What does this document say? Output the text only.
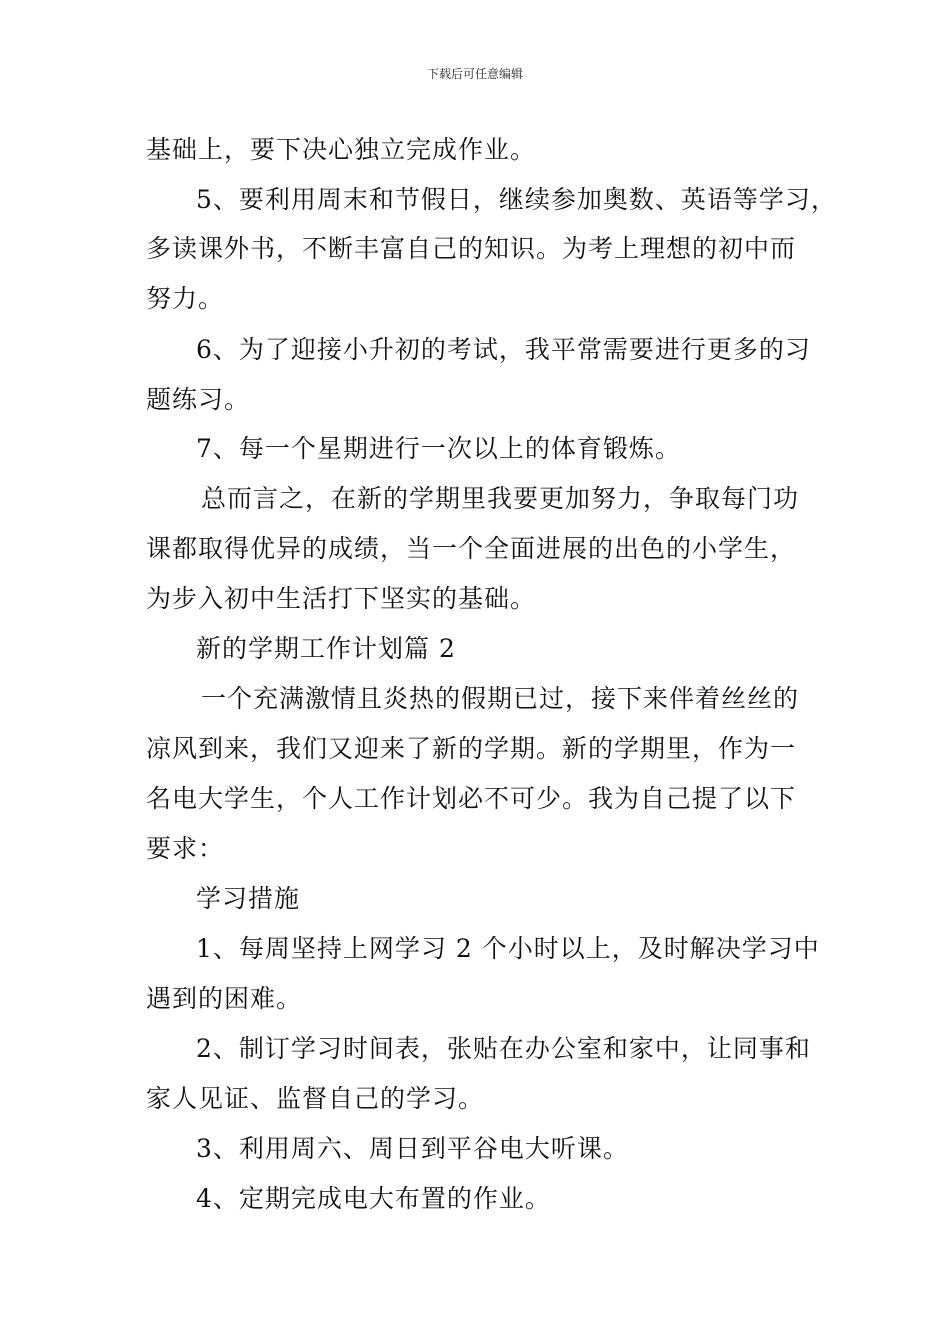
下载后可任意编辑
基础上，要下决心独立完成作业。
5、要利用周末和节假日，继续参加奥数、英语等学习，
多读课外书，不断丰富自己的知识。为考上理想的初中而
努力。
6、为了迎接小升初的考试，我平常需要进行更多的习
题练习。
7、每一个星期进行一次以上的体育锻炼。
总而言之，在新的学期里我要更加努力，争取每门功
课都取得优异的成绩，当一个全面进展的出色的小学生，
为步入初中生活打下坚实的基础。
新的学期工作计划篇 2
一个充满激情且炎热的假期已过，接下来伴着丝丝的
凉风到来，我们又迎来了新的学期。新的学期里，作为一
名电大学生，个人工作计划必不可少。我为自己提了以下
要求：
学习措施
1、每周坚持上网学习 2 个小时以上，及时解决学习中
遇到的困难。
2、制订学习时间表，张贴在办公室和家中，让同事和
家人见证、监督自己的学习。
3、利用周六、周日到平谷电大听课。
4、定期完成电大布置的作业。
